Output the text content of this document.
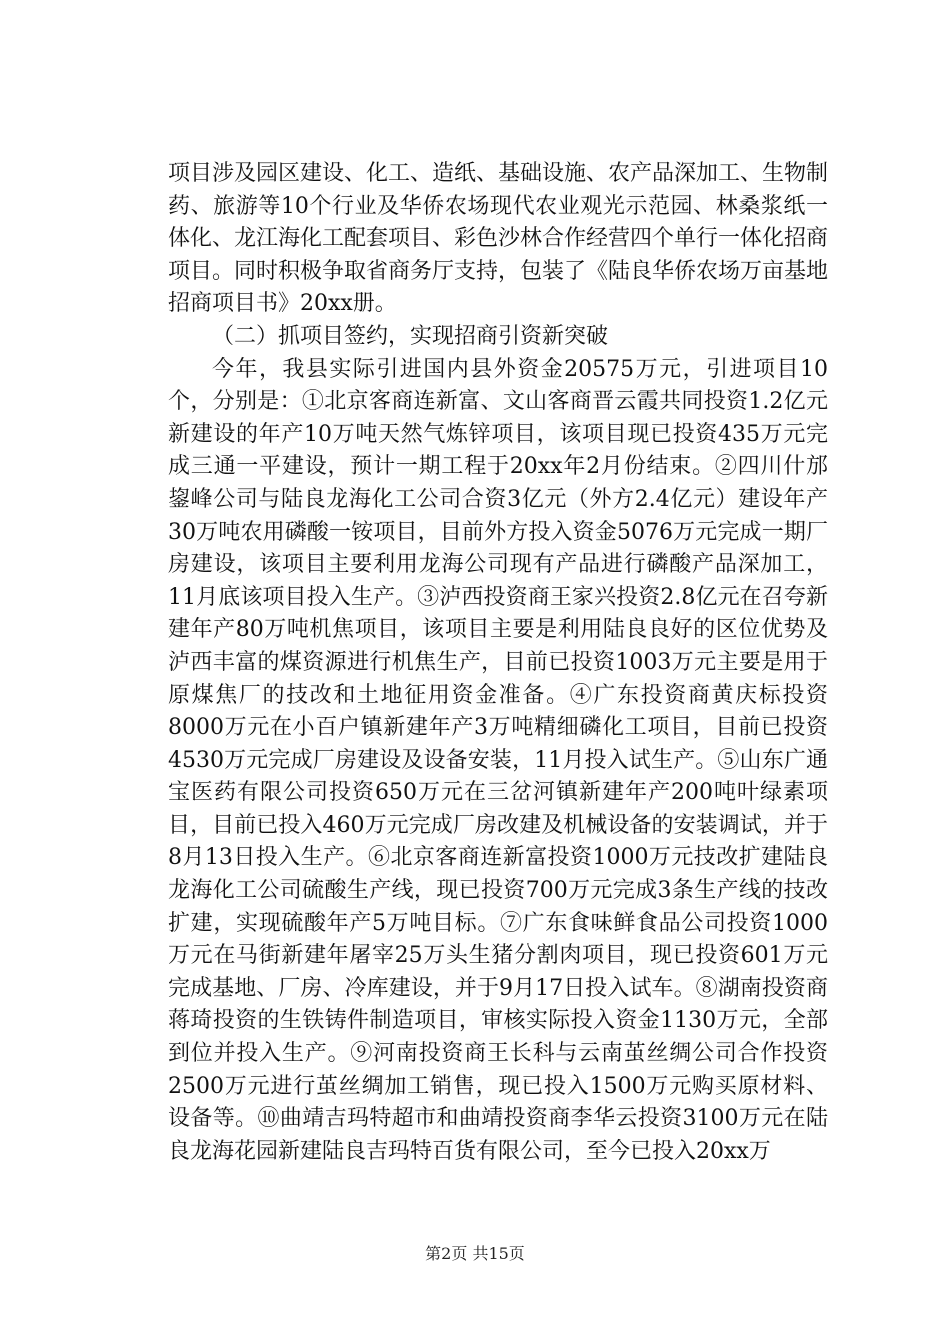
项目涉及园区建设、化工、造纸、基础设施、农产品深加工、生物制药、旅游等10个行业及华侨农场现代农业观光示范园、林桑浆纸一体化、龙江海化工配套项目、彩色沙林合作经营四个单行一体化招商项目。同时积极争取省商务厅支持，包装了《陆良华侨农场万亩基地招商项目书》20xx册。

（二）抓项目签约，实现招商引资新突破

今年，我县实际引进国内县外资金20575万元，引进项目10个，分别是：①北京客商连新富、文山客商晋云霞共同投资1.2亿元新建设的年产10万吨天然气炼锌项目，该项目现已投资435万元完成三通一平建设，预计一期工程于20xx年2月份结束。②四川什邡鋆峰公司与陆良龙海化工公司合资3亿元（外方2.4亿元）建设年产30万吨农用磷酸一铵项目，目前外方投入资金5076万元完成一期厂房建设，该项目主要利用龙海公司现有产品进行磷酸产品深加工，11月底该项目投入生产。③泸西投资商王家兴投资2.8亿元在召夸新建年产80万吨机焦项目，该项目主要是利用陆良良好的区位优势及泸西丰富的煤资源进行机焦生产，目前已投资1003万元主要是用于原煤焦厂的技改和土地征用资金准备。④广东投资商黄庆标投资8000万元在小百户镇新建年产3万吨精细磷化工项目，目前已投资4530万元完成厂房建设及设备安装，11月投入试生产。⑤山东广通宝医药有限公司投资650万元在三岔河镇新建年产200吨叶绿素项目，目前已投入460万元完成厂房改建及机械设备的安装调试，并于8月13日投入生产。⑥北京客商连新富投资1000万元技改扩建陆良龙海化工公司硫酸生产线，现已投资700万元完成3条生产线的技改扩建，实现硫酸年产5万吨目标。⑦广东食味鲜食品公司投资1000万元在马街新建年屠宰25万头生猪分割肉项目，现已投资601万元完成基地、厂房、冷库建设，并于9月17日投入试车。⑧湖南投资商蒋琦投资的生铁铸件制造项目，审核实际投入资金1130万元，全部到位并投入生产。⑨河南投资商王长科与云南茧丝绸公司合作投资2500万元进行茧丝绸加工销售，现已投入1500万元购买原材料、设备等。⑩曲靖吉玛特超市和曲靖投资商李华云投资3100万元在陆良龙海花园新建陆良吉玛特百货有限公司，至今已投入20xx万

第2页 共15页
